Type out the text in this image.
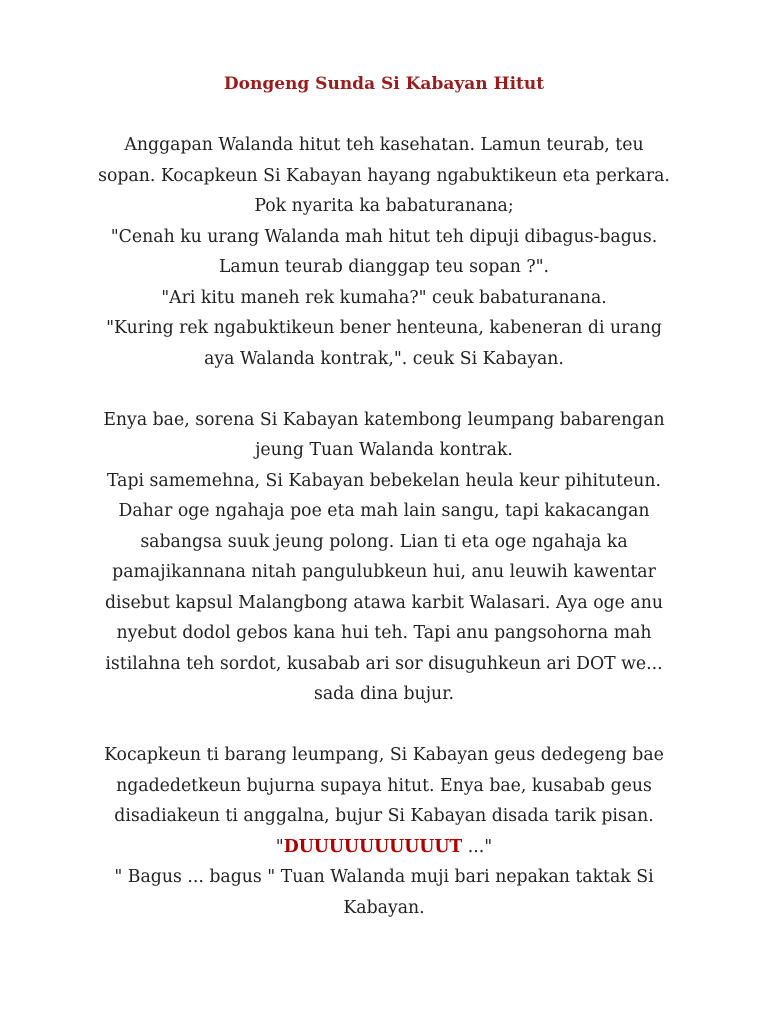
Dongeng Sunda Si Kabayan Hitut
Anggapan Walanda hitut teh kasehatan. Lamun teurab, teu
sopan. Kocapkeun Si Kabayan hayang ngabuktikeun eta perkara.
Pok nyarita ka babaturanana;
"Cenah ku urang Walanda mah hitut teh dipuji dibagus-bagus.
Lamun teurab dianggap teu sopan ?".
"Ari kitu maneh rek kumaha?" ceuk babaturanana.
"Kuring rek ngabuktikeun bener henteuna, kabeneran di urang
aya Walanda kontrak,". ceuk Si Kabayan.
Enya bae, sorena Si Kabayan katembong leumpang babarengan
jeung Tuan Walanda kontrak.
Tapi samemehna, Si Kabayan bebekelan heula keur pihituteun.
Dahar oge ngahaja poe eta mah lain sangu, tapi kakacangan
sabangsa suuk jeung polong. Lian ti eta oge ngahaja ka
pamajikannana nitah pangulubkeun hui, anu leuwih kawentar
disebut kapsul Malangbong atawa karbit Walasari. Aya oge anu
nyebut dodol gebos kana hui teh. Tapi anu pangsohorna mah
istilahna teh sordot, kusabab ari sor disuguhkeun ari DOT we...
sada dina bujur.
Kocapkeun ti barang leumpang, Si Kabayan geus dedegeng bae
ngadedetkeun bujurna supaya hitut. Enya bae, kusabab geus
disadiakeun ti anggalna, bujur Si Kabayan disada tarik pisan.
"DUUUUUUUUUUT ..."
" Bagus ... bagus " Tuan Walanda muji bari nepakan taktak Si
Kabayan.
